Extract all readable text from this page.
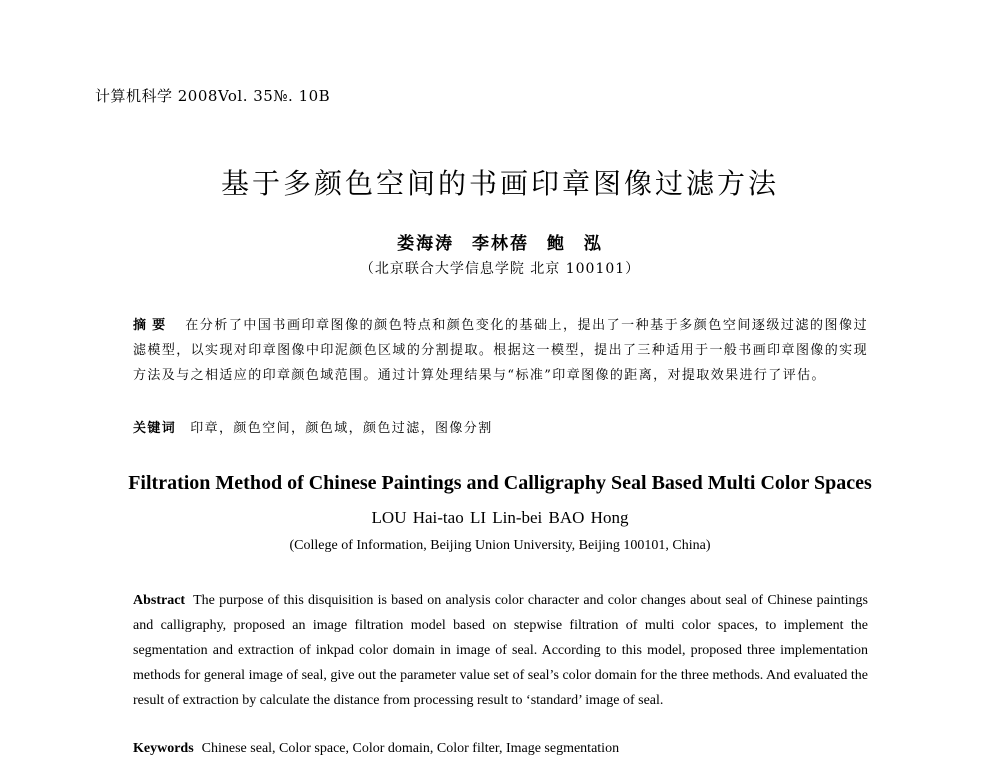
计算机科学 2008Vol. 35№. 10B
基于多颜色空间的书画印章图像过滤方法
娄海涛 李林蓓 鲍 泓
（北京联合大学信息学院 北京 100101）
摘要 在分析了中国书画印章图像的颜色特点和颜色变化的基础上，提出了一种基于多颜色空间逐级过滤的图像过滤模型，以实现对印章图像中印泥颜色区域的分割提取。根据这一模型，提出了三种适用于一般书画印章图像的实现方法及与之相适应的印章颜色域范围。通过计算处理结果与“标准”印章图像的距离，对提取效果进行了评估。
关键词 印章，颜色空间，颜色域，颜色过滤，图像分割
Filtration Method of Chinese Paintings and Calligraphy Seal Based Multi Color Spaces
LOU Hai-tao LI Lin-bei BAO Hong
(College of Information, Beijing Union University, Beijing 100101, China)
Abstract The purpose of this disquisition is based on analysis color character and color changes about seal of Chinese paintings and calligraphy, proposed an image filtration model based on stepwise filtration of multi color spaces, to implement the segmentation and extraction of inkpad color domain in image of seal. According to this model, proposed three implementation methods for general image of seal, give out the parameter value set of seal’s color domain for the three methods. And evaluated the result of extraction by calculate the distance from processing result to ‘standard’ image of seal.
Keywords Chinese seal, Color space, Color domain, Color filter, Image segmentation
